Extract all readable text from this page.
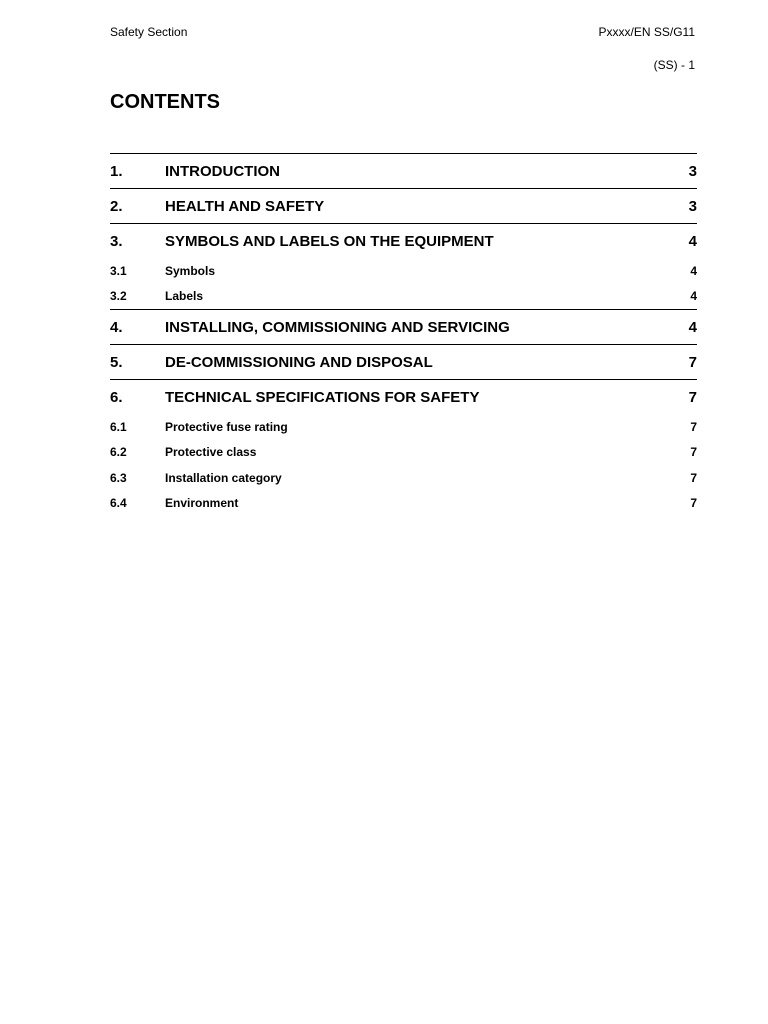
Safety Section	Pxxxx/EN SS/G11
(SS) - 1
CONTENTS
1.	INTRODUCTION	3
2.	HEALTH AND SAFETY	3
3.	SYMBOLS AND LABELS ON THE EQUIPMENT	4
3.1	Symbols	4
3.2	Labels	4
4.	INSTALLING, COMMISSIONING AND SERVICING	4
5.	DE-COMMISSIONING AND DISPOSAL	7
6.	TECHNICAL SPECIFICATIONS FOR SAFETY	7
6.1	Protective fuse rating	7
6.2	Protective class	7
6.3	Installation category	7
6.4	Environment	7
